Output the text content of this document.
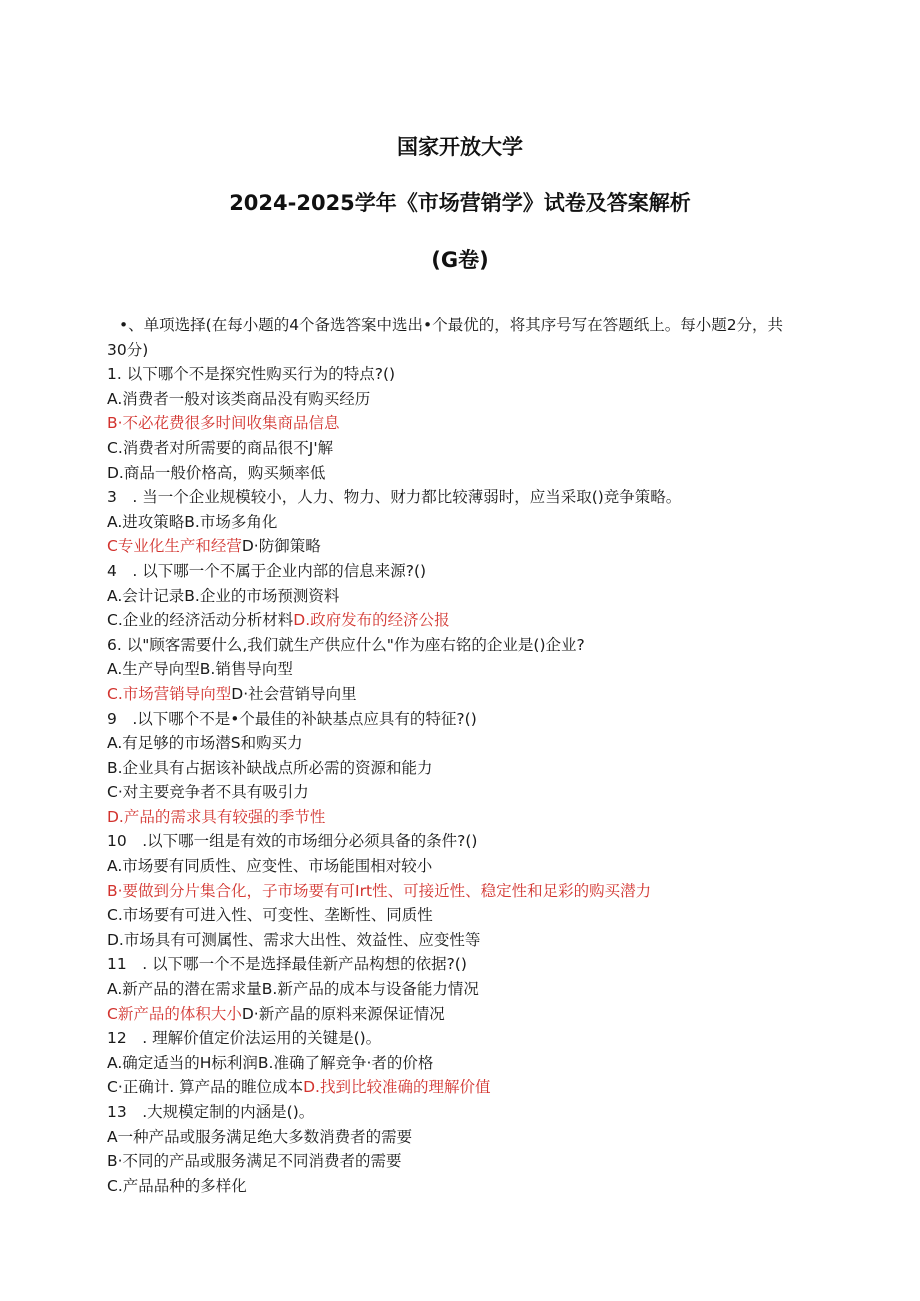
国家开放大学
2024-2025学年《市场营销学》试卷及答案解析
(G卷)
•、单项选择(在每小题的4个备选答案中选出•个最优的，将其序号写在答题纸上。每小题2分，共30分)
1. 以下哪个不是探究性购买行为的特点?()
A.消费者一般对该类商品没有购买经历
B·不必花费很多时间收集商品信息
C.消费者对所需要的商品很不J'解
D.商品一般价格高，购买频率低
3　. 当一个企业规模较小，人力、物力、财力都比较薄弱时，应当采取()竞争策略。
A.进攻策略B.市场多角化
C专业化生产和经营D·防御策略
4　. 以下哪一个不属于企业内部的信息来源?()
A.会计记录B.企业的市场预测资料
C.企业的经济活动分析材料D.政府发布的经济公报
6. 以"顾客需要什么,我们就生产供应什么"作为座右铭的企业是()企业?
A.生产导向型B.销售导向型
C.市场营销导向型D·社会营销导向里
9　.以下哪个不是•个最佳的补缺基点应具有的特征?()
A.有足够的市场潜S和购买力
B.企业具有占据该补缺战点所必需的资源和能力
C·对主要竞争者不具有吸引力
D.产品的需求具有较强的季节性
10　.以下哪一组是有效的市场细分必须具备的条件?()
A.市场要有同质性、应变性、市场能围相对较小
B·要做到分片集合化，子市场要有可Irt性、可接近性、稳定性和足彩的购买潜力
C.市场要有可进入性、可变性、垄断性、同质性
D.市场具有可测属性、需求大出性、效益性、应变性等
11　. 以下哪一个不是选择最佳新产品构想的依据?()
A.新产品的潜在需求量B.新产品的成本与设备能力情况
C新产品的体积大小D·新产晶的原料来源保证情况
12　. 理解价值定价法运用的关键是()。
A.确定适当的H标利润B.准确了解竞争·者的价格
C·正确计. 算产品的睢位成本D.找到比较准确的理解价值
13　.大规模定制的内涵是()。
A一种产品或服务满足绝大多数消费者的需要
B·不同的产品或服务满足不同消费者的需要
C.产品品种的多样化
